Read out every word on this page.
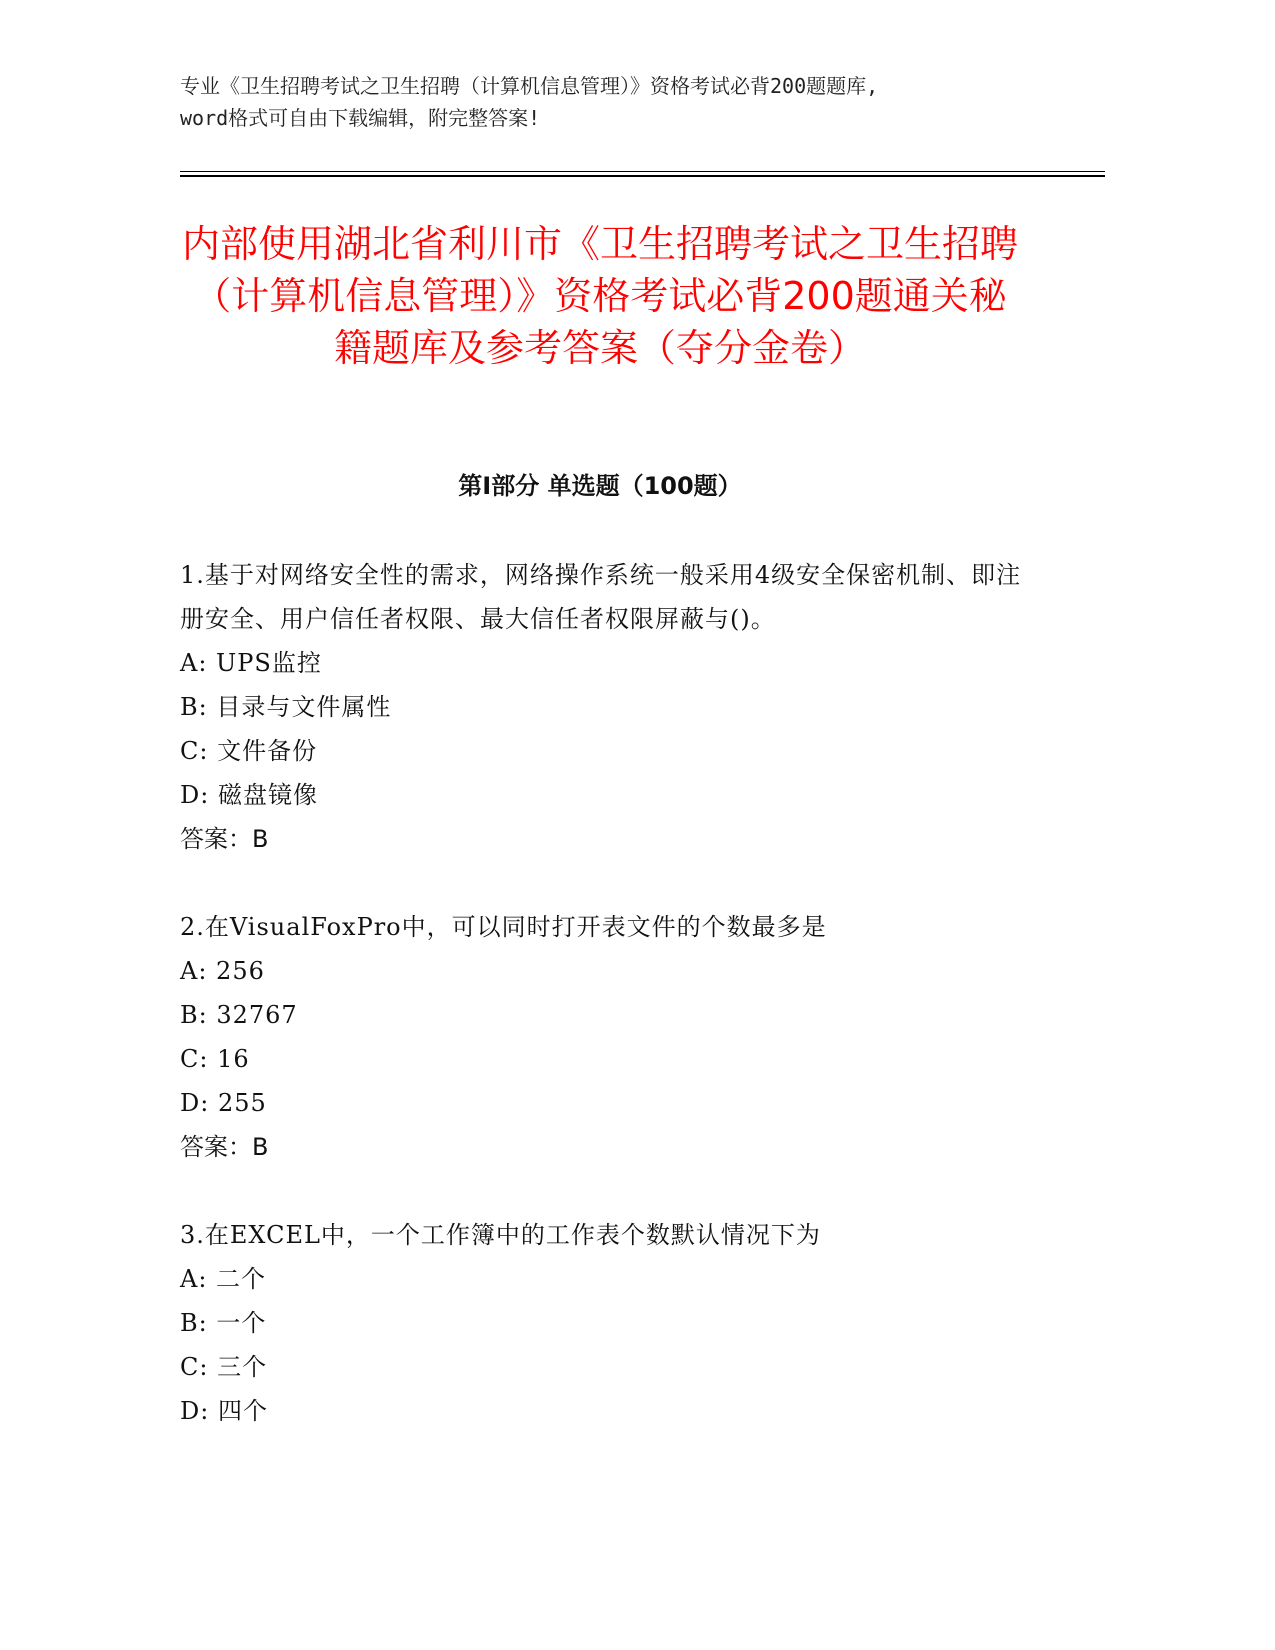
专业《卫生招聘考试之卫生招聘（计算机信息管理）》资格考试必背200题题库,

word格式可自由下载编辑，附完整答案!

内部使用湖北省利川市《卫生招聘考试之卫生招聘（计算机信息管理）》资格考试必背200题通关秘籍题库及参考答案（夺分金卷）
第I部分 单选题（100题）

1.基于对网络安全性的需求，网络操作系统一般采用4级安全保密机制、即注册安全、用户信任者权限、最大信任者权限屏蔽与()。

A: UPS监控

B: 目录与文件属性

C: 文件备份

D: 磁盘镜像

答案：B

2.在VisualFoxPro中，可以同时打开表文件的个数最多是

A: 256

B: 32767

C: 16

D: 255

答案：B

3.在EXCEL中，一个工作簿中的工作表个数默认情况下为

A: 二个

B: 一个

C: 三个

D: 四个
